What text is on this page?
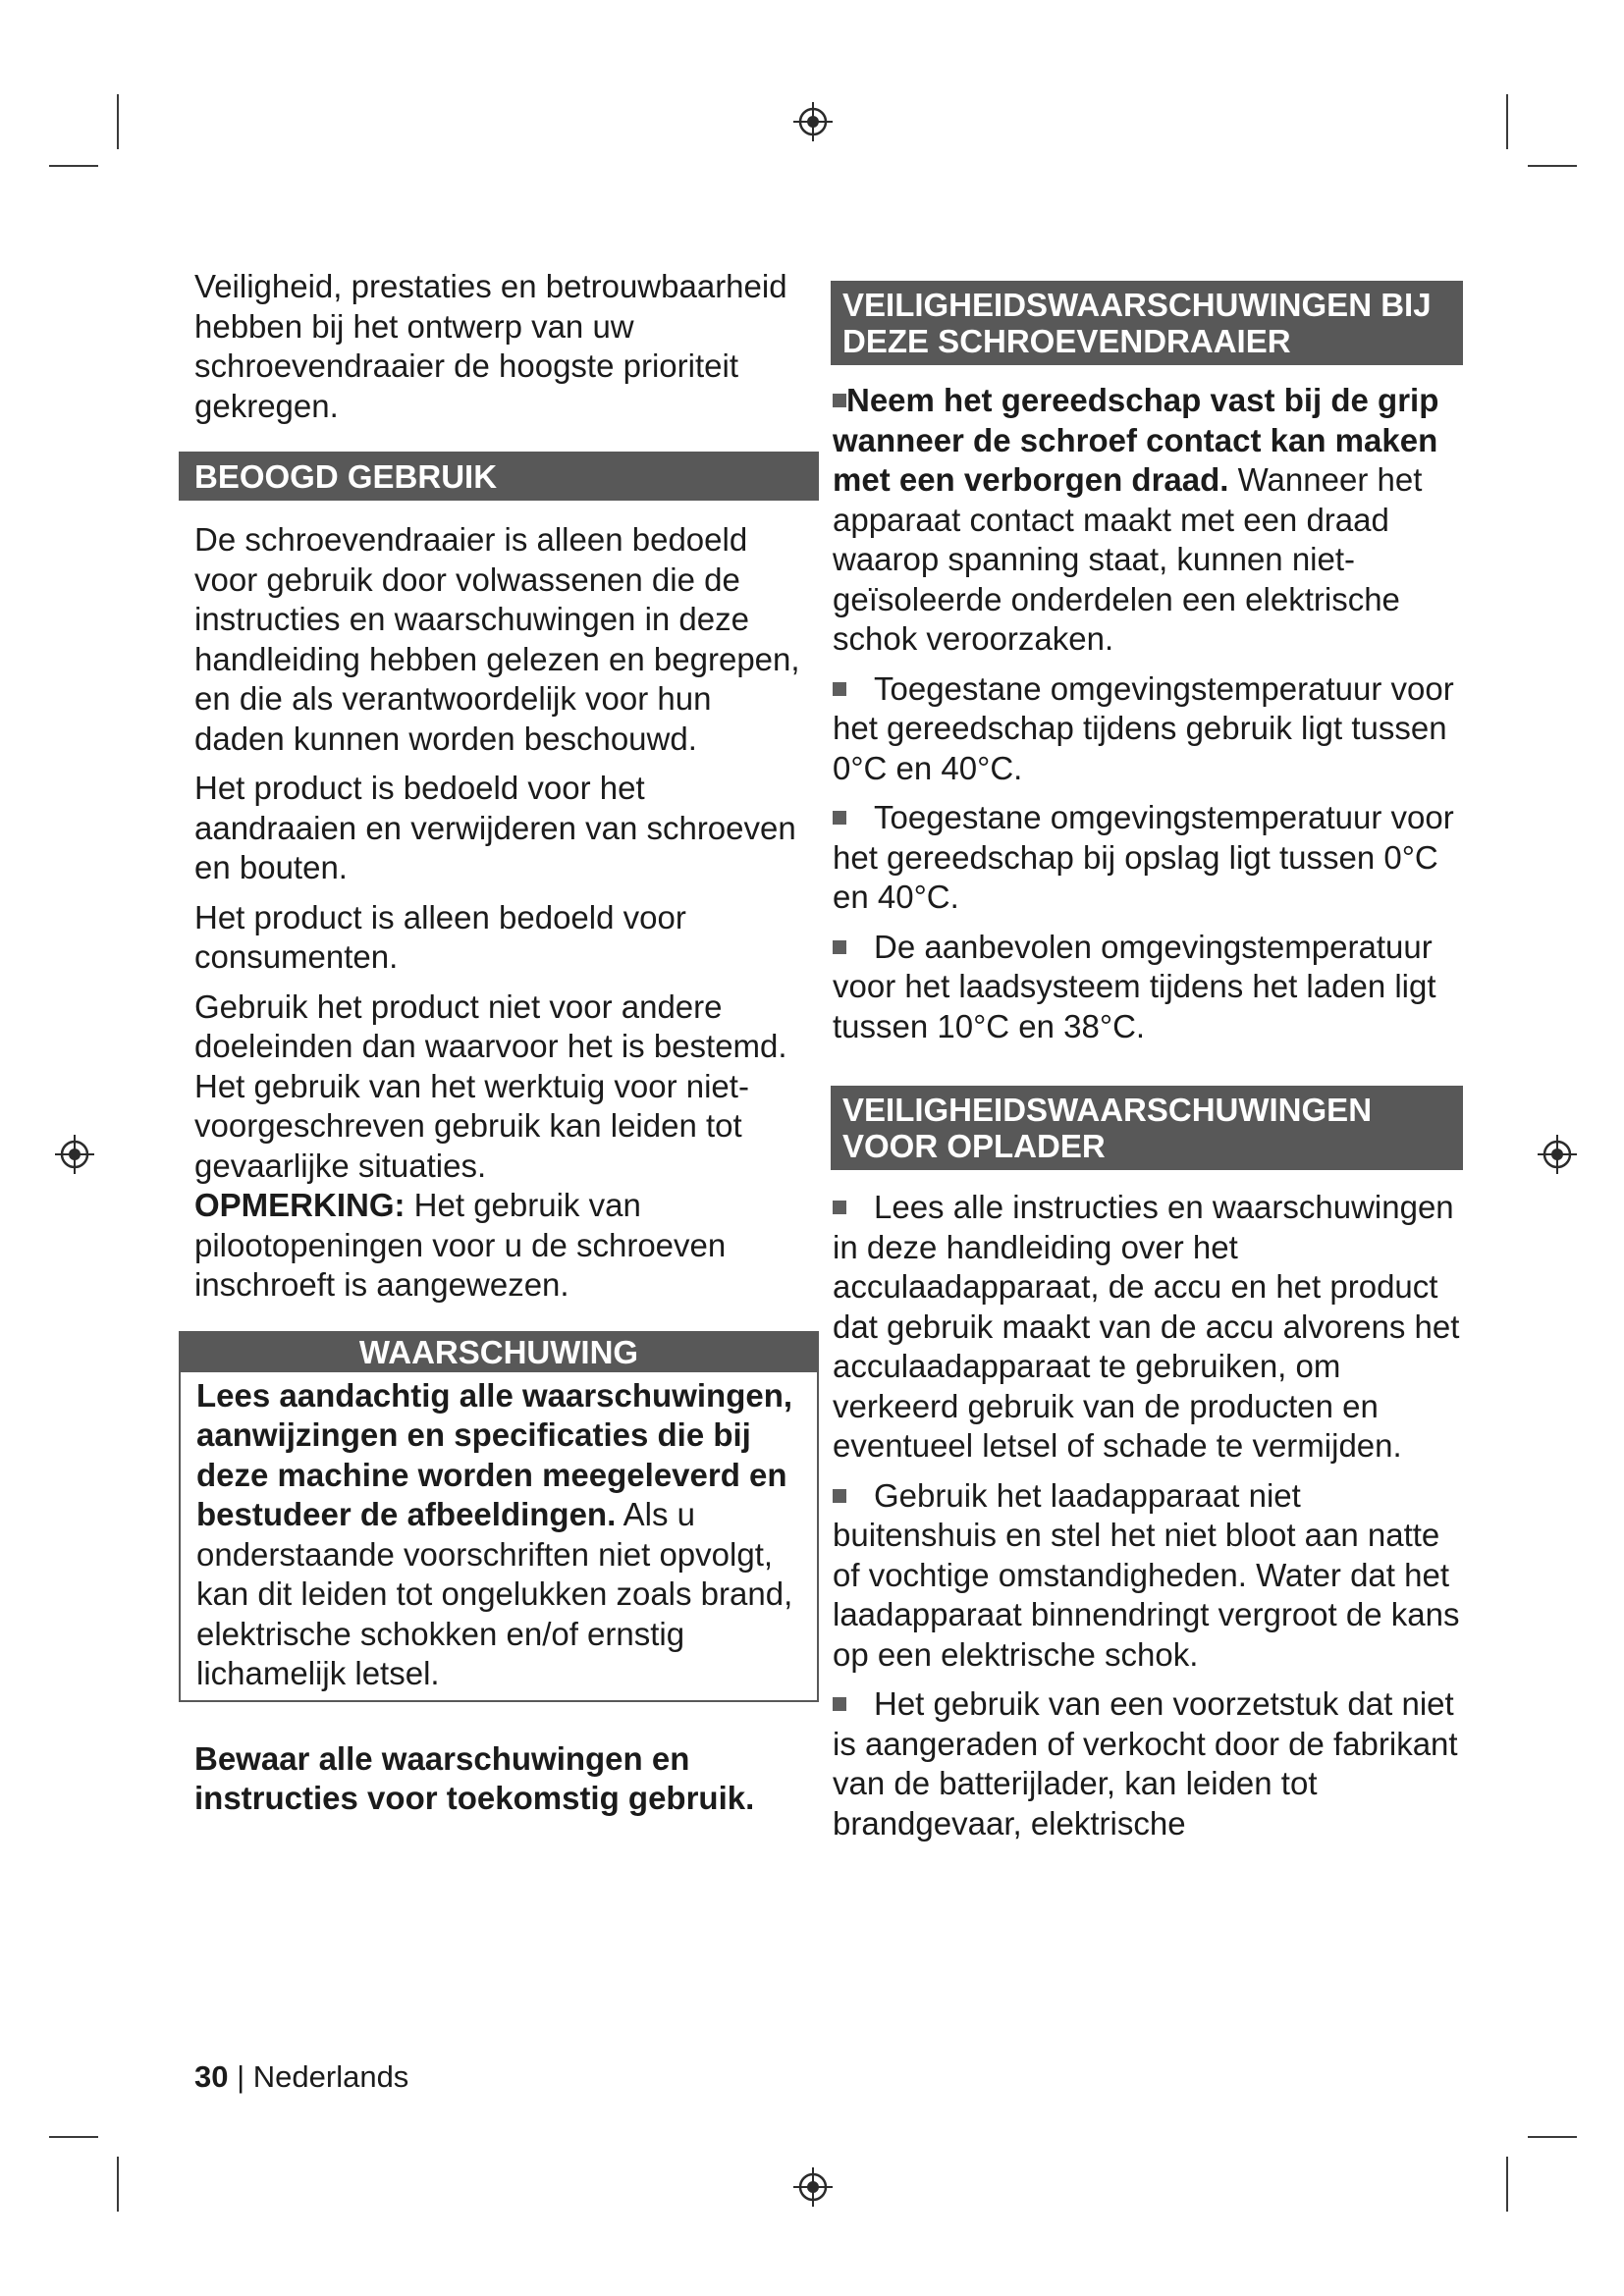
Veiligheid, prestaties en betrouwbaarheid hebben bij het ontwerp van uw schroevendraaier de hoogste prioriteit gekregen.

BEOOGD GEBRUIK

De schroevendraaier is alleen bedoeld voor gebruik door volwassenen die de instructies en waarschuwingen in deze handleiding hebben gelezen en begrepen, en die als verantwoordelijk voor hun daden kunnen worden beschouwd.

Het product is bedoeld voor het aandraaien en verwijderen van schroeven en bouten.

Het product is alleen bedoeld voor consumenten.

Gebruik het product niet voor andere doeleinden dan waarvoor het is bestemd. Het gebruik van het werktuig voor niet-voorgeschreven gebruik kan leiden tot gevaarlijke situaties.

OPMERKING: Het gebruik van pilootopeningen voor u de schroeven inschroeft is aangewezen.

WAARSCHUWING
Lees aandachtig alle waarschuwingen, aanwijzingen en specificaties die bij deze machine worden meegeleverd en bestudeer de afbeeldingen. Als u onderstaande voorschriften niet opvolgt, kan dit leiden tot ongelukken zoals brand, elektrische schokken en/of ernstig lichamelijk letsel.

Bewaar alle waarschuwingen en instructies voor toekomstig gebruik.

VEILIGHEIDSWAARSCHUWINGEN BIJ DEZE SCHROEVENDRAAIER

Neem het gereedschap vast bij de grip wanneer de schroef contact kan maken met een verborgen draad. Wanneer het apparaat contact maakt met een draad waarop spanning staat, kunnen niet-geïsoleerde onderdelen een elektrische schok veroorzaken.

Toegestane omgevingstemperatuur voor het gereedschap tijdens gebruik ligt tussen 0°C en 40°C.

Toegestane omgevingstemperatuur voor het gereedschap bij opslag ligt tussen 0°C en 40°C.

De aanbevolen omgevingstemperatuur voor het laadsysteem tijdens het laden ligt tussen 10°C en 38°C.

VEILIGHEIDSWAARSCHUWINGEN VOOR OPLADER

Lees alle instructies en waarschuwingen in deze handleiding over het acculaadapparaat, de accu en het product dat gebruik maakt van de accu alvorens het acculaadapparaat te gebruiken, om verkeerd gebruik van de producten en eventueel letsel of schade te vermijden.

Gebruik het laadapparaat niet buitenshuis en stel het niet bloot aan natte of vochtige omstandigheden. Water dat het laadapparaat binnendringt vergroot de kans op een elektrische schok.

Het gebruik van een voorzetstuk dat niet is aangeraden of verkocht door de fabrikant van de batterijlader, kan leiden tot brandgevaar, elektrische

30 | Nederlands
